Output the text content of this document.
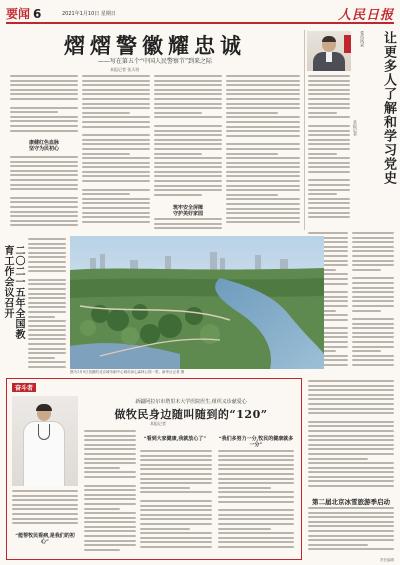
要闻 6	2021年1月10日 星期日	人民日报
熠熠警徽耀忠诚
——写在第五个“中国人民警察节”到来之际
本报记者 张天培
康健红色血脉
坚守为民初心
筑牢安全屏障
守护美好家园
党员风采	让更多人了解和学习党史
本报记者
二〇二一五年全国教育工作会议召开
图为1月9日拍摄的北京城市副中心城市绿心森林公园一景。新华社记者 摄
奋斗者
新疆阿拉尔市塔里木大学医院医生,组织义诊献爱心
做牧民身边随叫随到的“120”
本报记者
“看到大家健康,我就放心了”	“我们多努力一分,牧民的健康就多一分”
“能帮牧民看病,是我们的初心”
第二届北京冰雪旅游季启动
责任编辑
